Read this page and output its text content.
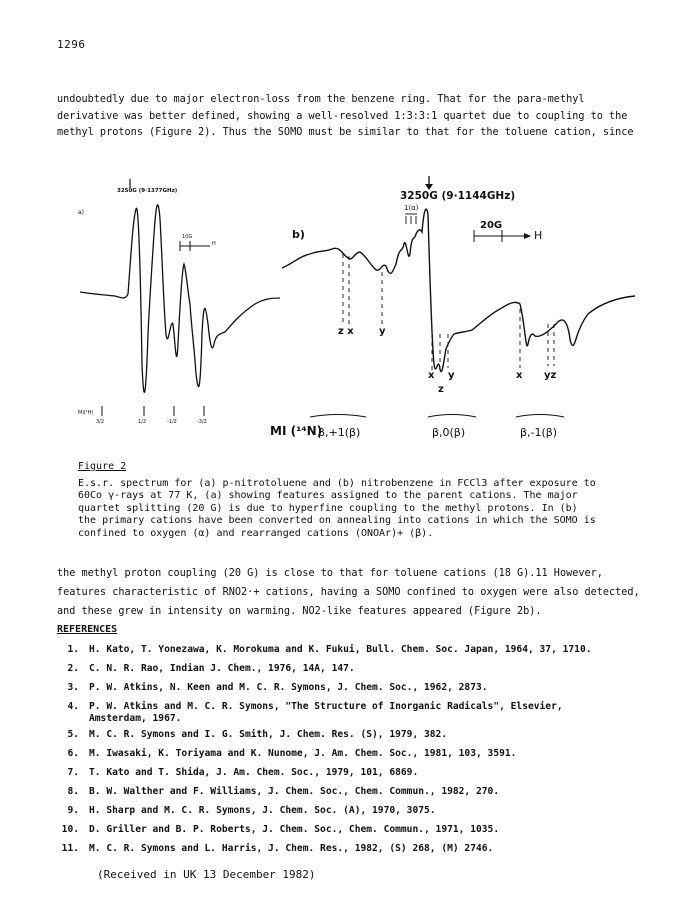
1296
undoubtedly due to major electron-loss from the benzene ring. That for the para-methyl
derivative was better defined, showing a well-resolved 1:3:3:1 quartet due to coupling to the
methyl protons (Figure 2). Thus the SOMO must be similar to that for the toluene cation, since
a)
3250G (9·1377GHz)
10G
H
MI(¹H)
3/2	1/2	-1/2	-3/2
b)
3250G (9·1144GHz)
1(α)
20G
H
z x	y
x y
z
x yz
MI (¹⁴N)
β,+1(β)	β,0(β)	β,-1(β)
Figure 2
E.s.r. spectrum for (a) p-nitrotoluene and (b) nitrobenzene in FCCl3 after exposure to
60Co γ-rays at 77 K, (a) showing features assigned to the parent cations. The major
quartet splitting (20 G) is due to hyperfine coupling to the methyl protons. In (b)
the primary cations have been converted on annealing into cations in which the SOMO is
confined to oxygen (α) and rearranged cations (ONOAr)+ (β).
the methyl proton coupling (20 G) is close to that for toluene cations (18 G).11 However,
features characteristic of RNO2·+ cations, having a SOMO confined to oxygen were also detected,
and these grew in intensity on warming. NO2-like features appeared (Figure 2b).
REFERENCES
1. H. Kato, T. Yonezawa, K. Morokuma and K. Fukui, Bull. Chem. Soc. Japan, 1964, 37, 1710.
2. C. N. R. Rao, Indian J. Chem., 1976, 14A, 147.
3. P. W. Atkins, N. Keen and M. C. R. Symons, J. Chem. Soc., 1962, 2873.
4. P. W. Atkins and M. C. R. Symons, "The Structure of Inorganic Radicals", Elsevier,
Amsterdam, 1967.
5. M. C. R. Symons and I. G. Smith, J. Chem. Res. (S), 1979, 382.
6. M. Iwasaki, K. Toriyama and K. Nunome, J. Am. Chem. Soc., 1981, 103, 3591.
7. T. Kato and T. Shida, J. Am. Chem. Soc., 1979, 101, 6869.
8. B. W. Walther and F. Williams, J. Chem. Soc., Chem. Commun., 1982, 270.
9. H. Sharp and M. C. R. Symons, J. Chem. Soc. (A), 1970, 3075.
10. D. Griller and B. P. Roberts, J. Chem. Soc., Chem. Commun., 1971, 1035.
11. M. C. R. Symons and L. Harris, J. Chem. Res., 1982, (S) 268, (M) 2746.
(Received in UK 13 December 1982)
